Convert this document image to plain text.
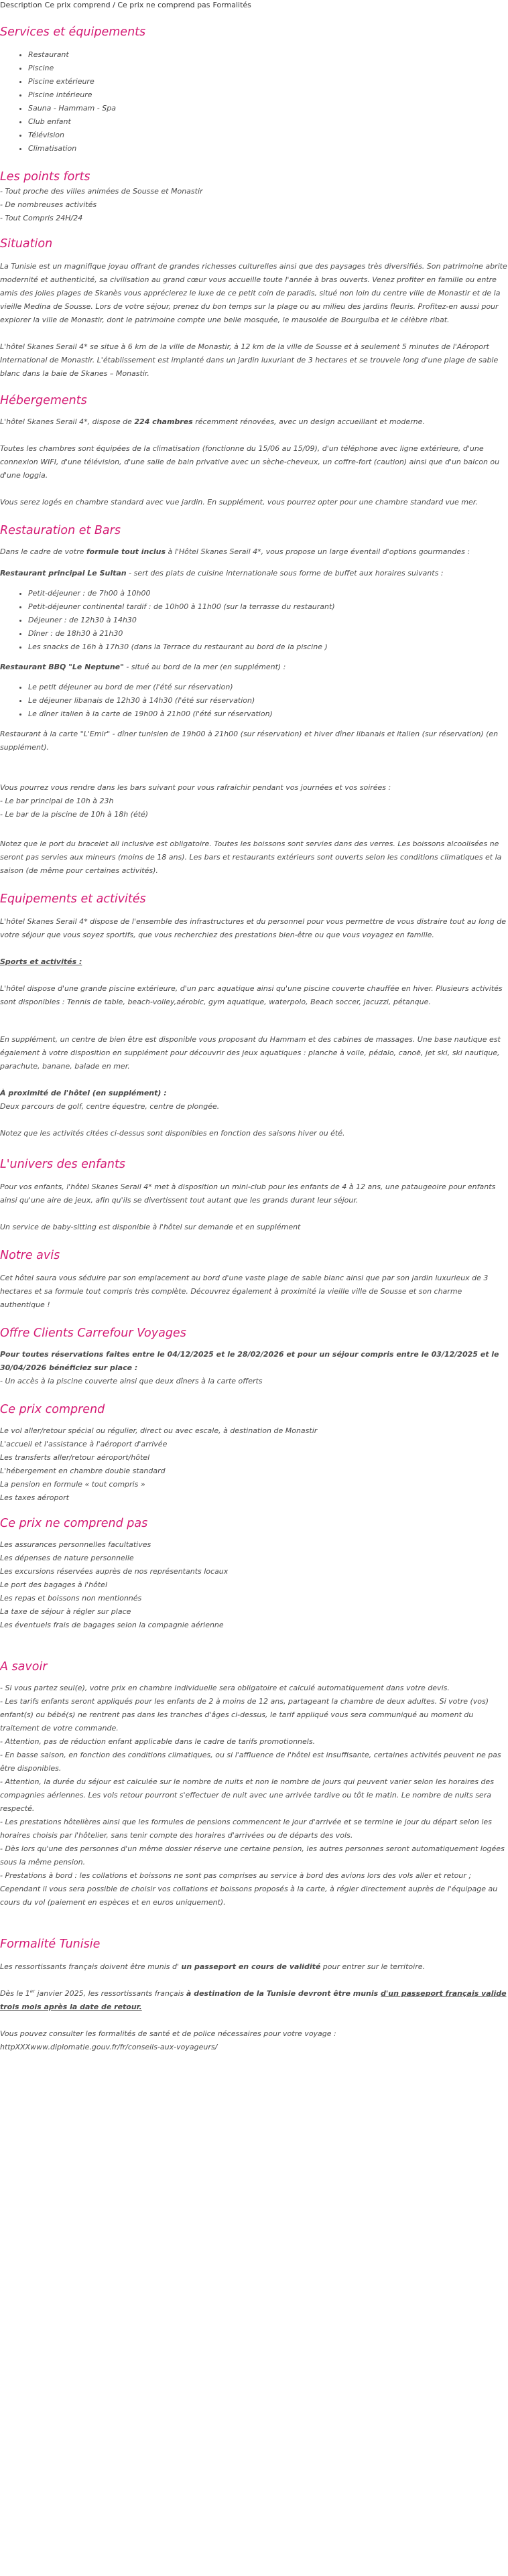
Description Ce prix comprend / Ce prix ne comprend pas Formalités
Services et équipements
• Restaurant
• Piscine
• Piscine extérieure
• Piscine intérieure
• Sauna - Hammam - Spa
• Club enfant
• Télévision
• Climatisation
Les points forts
- Tout proche des villes animées de Sousse et Monastir
- De nombreuses activités
- Tout Compris 24H/24
Situation

La Tunisie est un magnifique joyau offrant de grandes richesses culturelles ainsi que des paysages très diversifiés. Son patrimoine abrite modernité et authenticité, sa civilisation au grand cœur vous accueille toute l'année à bras ouverts. Venez profiter en famille ou entre amis des jolies plages de Skanès vous apprécierez le luxe de ce petit coin de paradis, situé non loin du centre ville de Monastir et de la vieille Medina de Sousse. Lors de votre séjour, prenez du bon temps sur la plage ou au milieu des jardins fleuris. Profitez-en aussi pour explorer la ville de Monastir, dont le patrimoine compte une belle mosquée, le mausolée de Bourguiba et le célèbre ribat.

L'hôtel Skanes Serail 4* se situe à 6 km de la ville de Monastir, à 12 km de la ville de Sousse et à seulement 5 minutes de l'Aéroport International de Monastir. L'établissement est implanté dans un jardin luxuriant de 3 hectares et se trouvele long d'une plage de sable blanc dans la baie de Skanes – Monastir.

Hébergements

L'hôtel Skanes Serail 4*, dispose de 224 chambres récemment rénovées, avec un design accueillant et moderne.

Toutes les chambres sont équipées de la climatisation (fonctionne du 15/06 au 15/09), d'un téléphone avec ligne extérieure, d'une connexion WIFI, d'une télévision, d'une salle de bain privative avec un sèche-cheveux, un coffre-fort (caution) ainsi que d'un balcon ou d'une loggia.

Vous serez logés en chambre standard avec vue jardin. En supplément, vous pourrez opter pour une chambre standard vue mer.

Restauration et Bars

Dans le cadre de votre formule tout inclus à l'Hôtel Skanes Serail 4*, vous propose un large éventail d'options gourmandes :

Restaurant principal Le Sultan - sert des plats de cuisine internationale sous forme de buffet aux horaires suivants :

• Petit-déjeuner : de 7h00 à 10h00
• Petit-déjeuner continental tardif : de 10h00 à 11h00 (sur la terrasse du restaurant)
• Déjeuner : de 12h30 à 14h30
• Dîner : de 18h30 à 21h30
• Les snacks de 16h à 17h30 (dans la Terrace du restaurant au bord de la piscine )

Restaurant BBQ "Le Neptune" - situé au bord de la mer (en supplément) :

• Le petit déjeuner au bord de mer (l'été sur réservation)
• Le déjeuner libanais de 12h30 à 14h30 (l'été sur réservation)
• Le dîner italien à la carte de 19h00 à 21h00 (l'été sur réservation)

Restaurant à la carte "L'Emir" - dîner tunisien de 19h00 à 21h00 (sur réservation) et hiver dîner libanais et italien (sur réservation) (en supplément).

Vous pourrez vous rendre dans les bars suivant pour vous rafraichir pendant vos journées et vos soirées :

- Le bar principal de 10h à 23h
- Le bar de la piscine de 10h à 18h (été)

Notez que le port du bracelet all inclusive est obligatoire. Toutes les boissons sont servies dans des verres. Les boissons alcoolisées ne seront pas servies aux mineurs (moins de 18 ans). Les bars et restaurants extérieurs sont ouverts selon les conditions climatiques et la saison (de même pour certaines activités).

Equipements et activités

L'hôtel Skanes Serail 4* dispose de l'ensemble des infrastructures et du personnel pour vous permettre de vous distraire tout au long de votre séjour que vous soyez sportifs, que vous recherchiez des prestations bien-être ou que vous voyagez en famille.

Sports et activités :

L'hôtel dispose d'une grande piscine extérieure, d'un parc aquatique ainsi qu'une piscine couverte chauffée en hiver. Plusieurs activités sont disponibles : Tennis de table, beach-volley,aérobic, gym aquatique, waterpolo, Beach soccer, jacuzzi, pétanque.

En supplément, un centre de bien être est disponible vous proposant du Hammam et des cabines de massages. Une base nautique est également à votre disposition en supplément pour découvrir des jeux aquatiques : planche à voile, pédalo, canoë, jet ski, ski nautique, parachute, banane, balade en mer.

À proximité de l'hôtel (en supplément) :

Deux parcours de golf, centre équestre, centre de plongée.

Notez que les activités citées ci-dessus sont disponibles en fonction des saisons hiver ou été.

L'univers des enfants

Pour vos enfants, l'hôtel Skanes Serail 4* met à disposition un mini-club pour les enfants de 4 à 12 ans, une pataugeoire pour enfants ainsi qu'une aire de jeux, afin qu'ils se divertissent tout autant que les grands durant leur séjour.

Un service de baby-sitting est disponible à l'hôtel sur demande et en supplément

Notre avis

Cet hôtel saura vous séduire par son emplacement au bord d'une vaste plage de sable blanc ainsi que par son jardin luxurieux de 3 hectares et sa formule tout compris très complète. Découvrez également à proximité la vieille ville de Sousse et son charme authentique !

Offre Clients Carrefour Voyages

Pour toutes réservations faites entre le 04/12/2025 et le 28/02/2026 et pour un séjour compris entre le 03/12/2025 et le 30/04/2026 bénéficiez sur place :

- Un accès à la piscine couverte ainsi que deux dîners à la carte offerts

Ce prix comprend
Le vol aller/retour spécial ou régulier, direct ou avec escale, à destination de Monastir
L'accueil et l'assistance à l'aéroport d'arrivée
Les transferts aller/retour aéroport/hôtel
L'hébergement en chambre double standard
La pension en formule « tout compris »
Les taxes aéroport
Ce prix ne comprend pas
Les assurances personnelles facultatives
Les dépenses de nature personnelle
Les excursions réservées auprès de nos représentants locaux
Le port des bagages à l'hôtel
Les repas et boissons non mentionnés
La taxe de séjour à régler sur place
Les éventuels frais de bagages selon la compagnie aérienne
A savoir

- Si vous partez seul(e), votre prix en chambre individuelle sera obligatoire et calculé automatiquement dans votre devis.

- Les tarifs enfants seront appliqués pour les enfants de 2 à moins de 12 ans, partageant la chambre de deux adultes. Si votre (vos) enfant(s) ou bébé(s) ne rentrent pas dans les tranches d'âges ci-dessus, le tarif appliqué vous sera communiqué au moment du traitement de votre commande.

- Attention, pas de réduction enfant applicable dans le cadre de tarifs promotionnels.

- En basse saison, en fonction des conditions climatiques, ou si l'affluence de l'hôtel est insuffisante, certaines activités peuvent ne pas être disponibles.

- Attention, la durée du séjour est calculée sur le nombre de nuits et non le nombre de jours qui peuvent varier selon les horaires des compagnies aériennes. Les vols retour pourront s'effectuer de nuit avec une arrivée tardive ou tôt le matin. Le nombre de nuits sera respecté.

- Les prestations hôtelières ainsi que les formules de pensions commencent le jour d'arrivée et se termine le jour du départ selon les horaires choisis par l'hôtelier, sans tenir compte des horaires d'arrivées ou de départs des vols.

- Dès lors qu'une des personnes d'un même dossier réserve une certaine pension, les autres personnes seront automatiquement logées sous la même pension.

- Prestations à bord : les collations et boissons ne sont pas comprises au service à bord des avions lors des vols aller et retour ; Cependant il vous sera possible de choisir vos collations et boissons proposés à la carte, à régler directement auprès de l'équipage au cours du vol (paiement en espèces et en euros uniquement).

Formalité Tunisie

Les ressortissants français doivent être munis d' un passeport en cours de validité pour entrer sur le territoire.

Dès le 1er janvier 2025, les ressortissants français à destination de la Tunisie devront être munis d'un passeport français valide trois mois après la date de retour.

Vous pouvez consulter les formalités de santé et de police nécessaires pour votre voyage :

httpXXXwww.diplomatie.gouv.fr/fr/conseils-aux-voyageurs/
